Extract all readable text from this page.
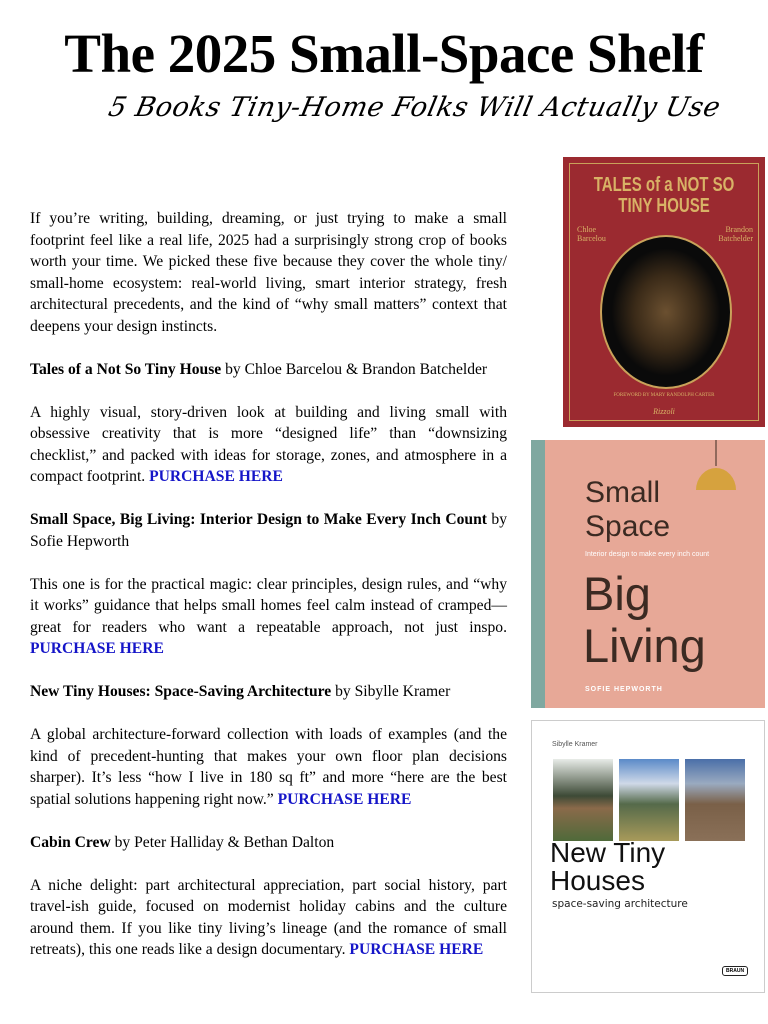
The 2025 Small-Space Shelf
5 Books Tiny-Home Folks Will Actually Use

If you’re writing, building, dreaming, or just trying to make a small footprint feel like a real life, 2025 had a surprisingly strong crop of books worth your time. We picked these five because they cover the whole tiny/ small-home ecosystem: real-world living, smart interior strategy, fresh architectural precedents, and the kind of “why small matters” context that deepens your design instincts.

Tales of a Not So Tiny House by Chloe Barcelou & Brandon Batchelder

A highly visual, story-driven look at building and living small with obsessive creativity that is more “designed life” than “downsizing checklist,” and packed with ideas for storage, zones, and atmosphere in a compact footprint. PURCHASE HERE

Small Space, Big Living: Interior Design to Make Every Inch Count by Sofie Hepworth

This one is for the practical magic: clear principles, design rules, and “why it works” guidance that helps small homes feel calm instead of cramped—great for readers who want a repeatable approach, not just inspo. PURCHASE HERE

New Tiny Houses: Space-Saving Architecture by Sibylle Kramer

A global architecture-forward collection with loads of examples (and the kind of precedent-hunting that makes your own floor plan decisions sharper). It’s less “how I live in 180 sq ft” and more “here are the best spatial solutions happening right now.” PURCHASE HERE

Cabin Crew by Peter Halliday & Bethan Dalton

A niche delight: part architectural appreciation, part social history, part travel-ish guide, focused on modernist holiday cabins and the culture around them. If you like tiny living’s lineage (and the romance of small retreats), this one reads like a design documentary. PURCHASE HERE

TALES of a NOT SO
TINY HOUSE
Chloe Barcelou
Brandon Batchelder
FOREWORD BY MARY RANDOLPH CARTER
Rizzoli
Small
Space
Interior design to make every inch count
Big
Living
SOFIE HEPWORTH
Sibylle Kramer
New Tiny
Houses
space-saving architecture
BRAUN
